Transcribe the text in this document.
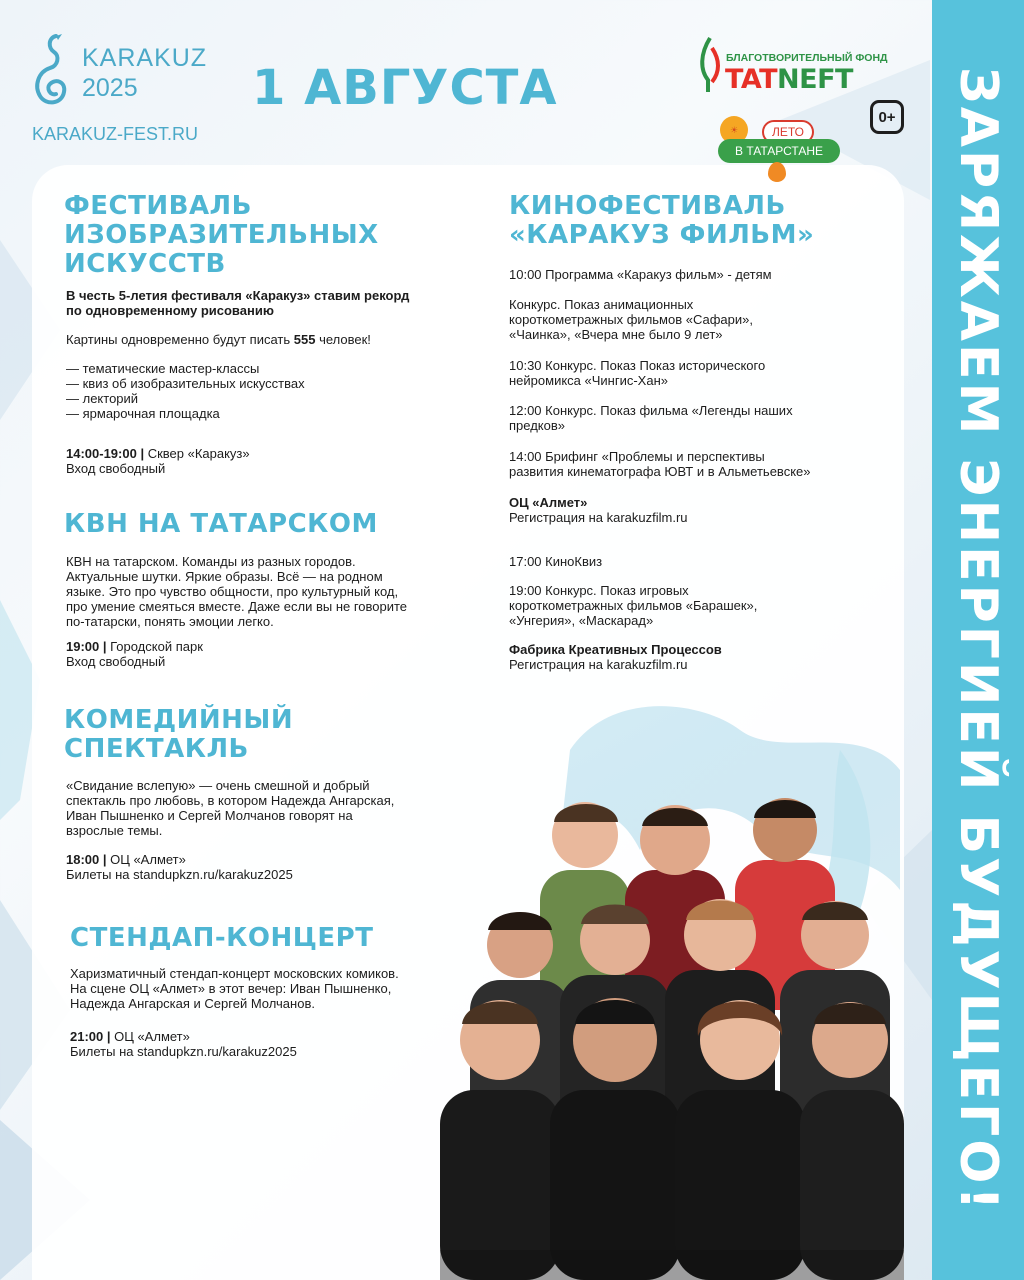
ЗАРЯЖАЕМ ЭНЕРГИЕЙ БУДУЩЕГО!
KARAKUZ
2025
KARAKUZ-FEST.RU
1 АВГУСТА
БЛАГОТВОРИТЕЛЬНЫЙ ФОНД
TATNEFT
0+
☀	ЛЕТО
В ТАТАРСТАНЕ
ФЕСТИВАЛЬ
ИЗОБРАЗИТЕЛЬНЫХ
ИСКУССТВ
В честь 5-летия фестиваля «Каракуз» ставим рекорд
по одновременному рисованию
Картины одновременно будут писать 555 человек!
— тематические мастер-классы
— квиз об изобразительных искусствах
— лекторий
— ярмарочная площадка
14:00-19:00 | Сквер «Каракуз»
Вход свободный
КВН НА ТАТАРСКОМ
КВН на татарском. Команды из разных городов.
Актуальные шутки. Яркие образы. Всё — на родном
языке. Это про чувство общности, про культурный код,
про умение смеяться вместе. Даже если вы не говорите
по-татарски, понять эмоции легко.
19:00 | Городской парк
Вход свободный
КОМЕДИЙНЫЙ
СПЕКТАКЛЬ
«Свидание вслепую» — очень смешной и добрый
спектакль про любовь, в котором Надежда Ангарская,
Иван Пышненко и Сергей Молчанов говорят на
взрослые темы.
18:00 | ОЦ «Алмет»
Билеты на standupkzn.ru/karakuz2025
СТЕНДАП-КОНЦЕРТ
Харизматичный стендап-концерт московских комиков.
На сцене ОЦ «Алмет» в этот вечер: Иван Пышненко,
Надежда Ангарская и Сергей Молчанов.
21:00 | ОЦ «Алмет»
Билеты на standupkzn.ru/karakuz2025
КИНОФЕСТИВАЛЬ
«КАРАКУЗ ФИЛЬМ»
10:00 Программа «Каракуз фильм» - детям
Конкурс. Показ анимационных
короткометражных фильмов «Сафари»,
«Чаинка», «Вчера мне было 9 лет»
10:30 Конкурс. Показ Показ исторического
нейромикса «Чингис-Хан»
12:00 Конкурс. Показ фильма «Легенды наших
предков»
14:00 Брифинг «Проблемы и перспективы
развития кинематографа ЮВТ и в Альметьевске»
ОЦ «Алмет»
Регистрация на karakuzfilm.ru
17:00 КиноКвиз
19:00 Конкурс. Показ игровых
короткометражных фильмов «Барашек»,
«Унгерия», «Маскарад»
Фабрика Креативных Процессов
Регистрация на karakuzfilm.ru
